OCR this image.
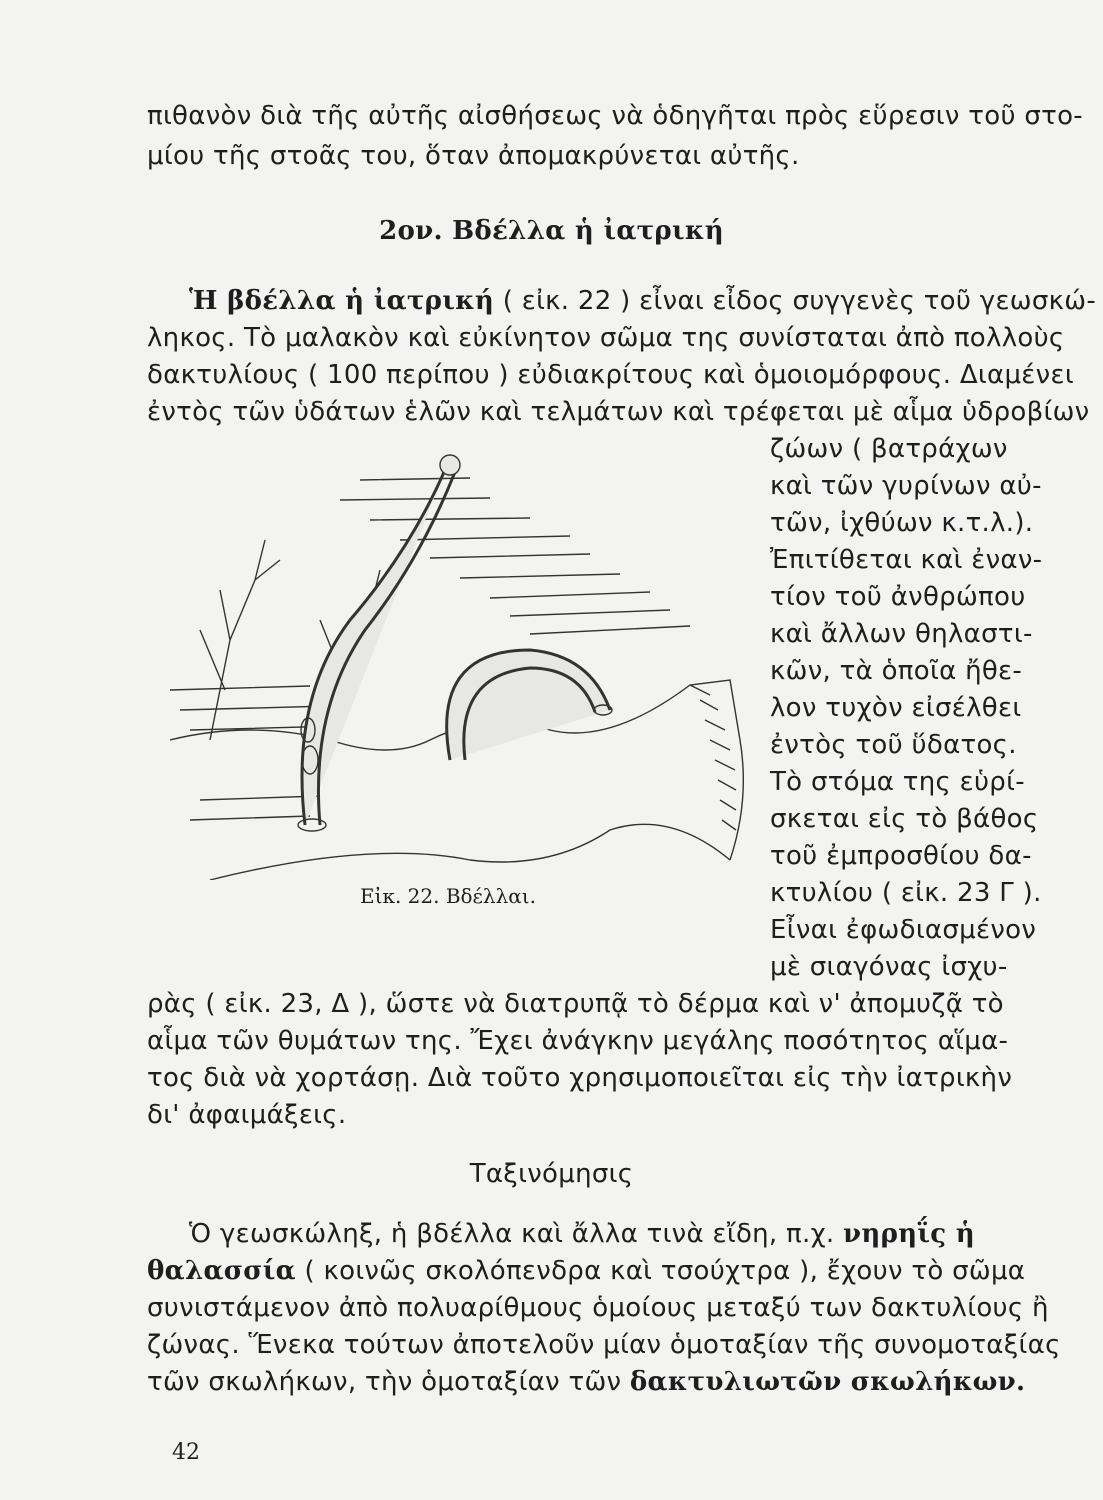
πιθανὸν διὰ τῆς αὐτῆς αἰσθήσεως νὰ ὁδηγῆται πρὸς εὕρεσιν τοῦ στο-
μίου τῆς στοᾶς του, ὅταν ἀπομακρύνεται αὐτῆς.
2ον. Βδέλλα ἡ ἰατρική
Ἡ βδέλλα ἡ ἰατρική ( εἰκ. 22 ) εἶναι εἶδος συγγενὲς τοῦ γεωσκώ-
ληκος. Τὸ μαλακὸν καὶ εὐκίνητον σῶμα της συνίσταται ἀπὸ πολλοὺς
δακτυλίους ( 100 περίπου ) εὐδιακρίτους καὶ ὁμοιομόρφους. Διαμένει
ἐντὸς τῶν ὑδάτων ἑλῶν καὶ τελμάτων καὶ τρέφεται μὲ αἷμα ὑδροβίων
ζώων ( βατράχων
καὶ τῶν γυρίνων αὐ-
τῶν, ἰχθύων κ.τ.λ.).
Ἐπιτίθεται καὶ ἐναν-
τίον τοῦ ἀνθρώπου
καὶ ἄλλων θηλαστι-
κῶν, τὰ ὁποῖα ἤθε-
λον τυχὸν εἰσέλθει
ἐντὸς τοῦ ὕδατος.
Τὸ στόμα της εὑρί-
σκεται εἰς τὸ βάθος
τοῦ ἐμπροσθίου δα-
κτυλίου ( εἰκ. 23 Γ ).
Εἶναι ἐφωδιασμένον
μὲ σιαγόνας ἰσχυ-
Εἰκ. 22. Βδέλλαι.
ρὰς ( εἰκ. 23, Δ ), ὥστε νὰ διατρυπᾷ τὸ δέρμα καὶ ν' ἀπομυζᾷ τὸ
αἷμα τῶν θυμάτων της. Ἔχει ἀνάγκην μεγάλης ποσότητος αἵμα-
τος διὰ νὰ χορτάσῃ. Διὰ τοῦτο χρησιμοποιεῖται εἰς τὴν ἰατρικὴν
δι' ἀφαιμάξεις.
Ταξινόμησις
Ὁ γεωσκώληξ, ἡ βδέλλα καὶ ἄλλα τινὰ εἴδη, π.χ. νηρηΐς ἡ
θαλασσία ( κοινῶς σκολόπενδρα καὶ τσούχτρα ), ἔχουν τὸ σῶμα
συνιστάμενον ἀπὸ πολυαρίθμους ὁμοίους μεταξύ των δακτυλίους ἢ
ζώνας. Ἕνεκα τούτων ἀποτελοῦν μίαν ὁμοταξίαν τῆς συνομοταξίας
τῶν σκωλήκων, τὴν ὁμοταξίαν τῶν δακτυλιωτῶν σκωλήκων.
42
